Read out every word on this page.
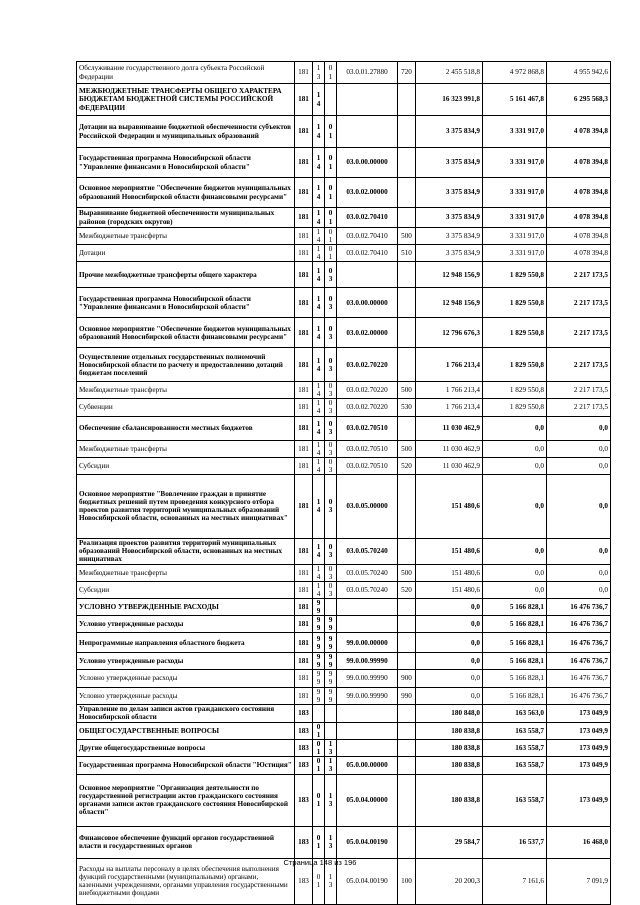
Обслуживание государственного долга субъекта Российской Федерации	181	13	01	03.0.01.27880	720	2 455 518,8	4 972 868,8	4 955 942,6
МЕЖБЮДЖЕТНЫЕ ТРАНСФЕРТЫ ОБЩЕГО ХАРАКТЕРА БЮДЖЕТАМ БЮДЖЕТНОЙ СИСТЕМЫ РОССИЙСКОЙ ФЕДЕРАЦИИ	181	14				16 323 991,8	5 161 467,8	6 295 568,3
Дотации на выравнивание бюджетной обеспеченности субъектов Российской Федерации и муниципальных образований	181	14	01			3 375 834,9	3 331 917,0	4 078 394,8
Государственная программа Новосибирской области "Управление финансами в Новосибирской области"	181	14	01	03.0.00.00000		3 375 834,9	3 331 917,0	4 078 394,8
Основное мероприятие "Обеспечение бюджетов муниципальных образований Новосибирской области финансовыми ресурсами"	181	14	01	03.0.02.00000		3 375 834,9	3 331 917,0	4 078 394,8
Выравнивание бюджетной обеспеченности муниципальных районов (городских округов)	181	14	01	03.0.02.70410		3 375 834,9	3 331 917,0	4 078 394,8
Межбюджетные трансферты	181	14	01	03.0.02.70410	500	3 375 834,9	3 331 917,0	4 078 394,8
Дотации	181	14	01	03.0.02.70410	510	3 375 834,9	3 331 917,0	4 078 394,8
Прочие межбюджетные трансферты общего характера	181	14	03			12 948 156,9	1 829 550,8	2 217 173,5
Государственная программа Новосибирской области "Управление финансами в Новосибирской области"	181	14	03	03.0.00.00000		12 948 156,9	1 829 550,8	2 217 173,5
Основное мероприятие "Обеспечение бюджетов муниципальных образований Новосибирской области финансовыми ресурсами"	181	14	03	03.0.02.00000		12 796 676,3	1 829 550,8	2 217 173,5
Осуществление отдельных государственных полномочий Новосибирской области по расчету и предоставлению дотаций бюджетам поселений	181	14	03	03.0.02.70220		1 766 213,4	1 829 550,8	2 217 173,5
Межбюджетные трансферты	181	14	03	03.0.02.70220	500	1 766 213,4	1 829 550,8	2 217 173,5
Субвенции	181	14	03	03.0.02.70220	530	1 766 213,4	1 829 550,8	2 217 173,5
Обеспечение сбалансированности местных бюджетов	181	14	03	03.0.02.70510		11 030 462,9	0,0	0,0
Межбюджетные трансферты	181	14	03	03.0.02.70510	500	11 030 462,9	0,0	0,0
Субсидии	181	14	03	03.0.02.70510	520	11 030 462,9	0,0	0,0
Основное мероприятие "Вовлечение граждан в принятие бюджетных решений путем проведения конкурсного отбора проектов развития территорий муниципальных образований Новосибирской области, основанных на местных инициативах"	181	14	03	03.0.05.00000		151 480,6	0,0	0,0
Реализация проектов развития территорий муниципальных образований Новосибирской области, основанных на местных инициативах	181	14	03	03.0.05.70240		151 480,6	0,0	0,0
Межбюджетные трансферты	181	14	03	03.0.05.70240	500	151 480,6	0,0	0,0
Субсидии	181	14	03	03.0.05.70240	520	151 480,6	0,0	0,0
УСЛОВНО УТВЕРЖДЕННЫЕ РАСХОДЫ	181	99				0,0	5 166 828,1	16 476 736,7
Условно утвержденные расходы	181	99	99			0,0	5 166 828,1	16 476 736,7
Непрограммные направления областного бюджета	181	99	99	99.0.00.00000		0,0	5 166 828,1	16 476 736,7
Условно утвержденные расходы	181	99	99	99.0.00.99990		0,0	5 166 828,1	16 476 736,7
Условно утвержденные расходы	181	99	99	99.0.00.99990	900	0,0	5 166 828,1	16 476 736,7
Условно утвержденные расходы	181	99	99	99.0.00.99990	990	0,0	5 166 828,1	16 476 736,7
Управление по делам записи актов гражданского состояния Новосибирской области	183					180 848,0	163 563,0	173 049,9
ОБЩЕГОСУДАРСТВЕННЫЕ ВОПРОСЫ	183	01				180 838,8	163 558,7	173 049,9
Другие общегосударственные вопросы	183	01	13			180 838,8	163 558,7	173 049,9
Государственная программа Новосибирской области "Юстиция"	183	01	13	05.0.00.00000		180 838,8	163 558,7	173 049,9
Основное мероприятие "Организация деятельности по государственной регистрации актов гражданского состояния органами записи актов гражданского состояния Новосибирской области"	183	01	13	05.0.04.00000		180 838,8	163 558,7	173 049,9
Финансовое обеспечение функций органов государственной власти и государственных органов	183	01	13	05.0.04.00190		29 584,7	16 537,7	16 468,0
Расходы на выплаты персоналу в целях обеспечения выполнения функций государственными (муниципальными) органами, казенными учреждениями, органами управления государственными внебюджетными фондами	183	01	13	05.0.04.00190	100	20 200,3	7 161,6	7 091,9
Страница 148 из 196
